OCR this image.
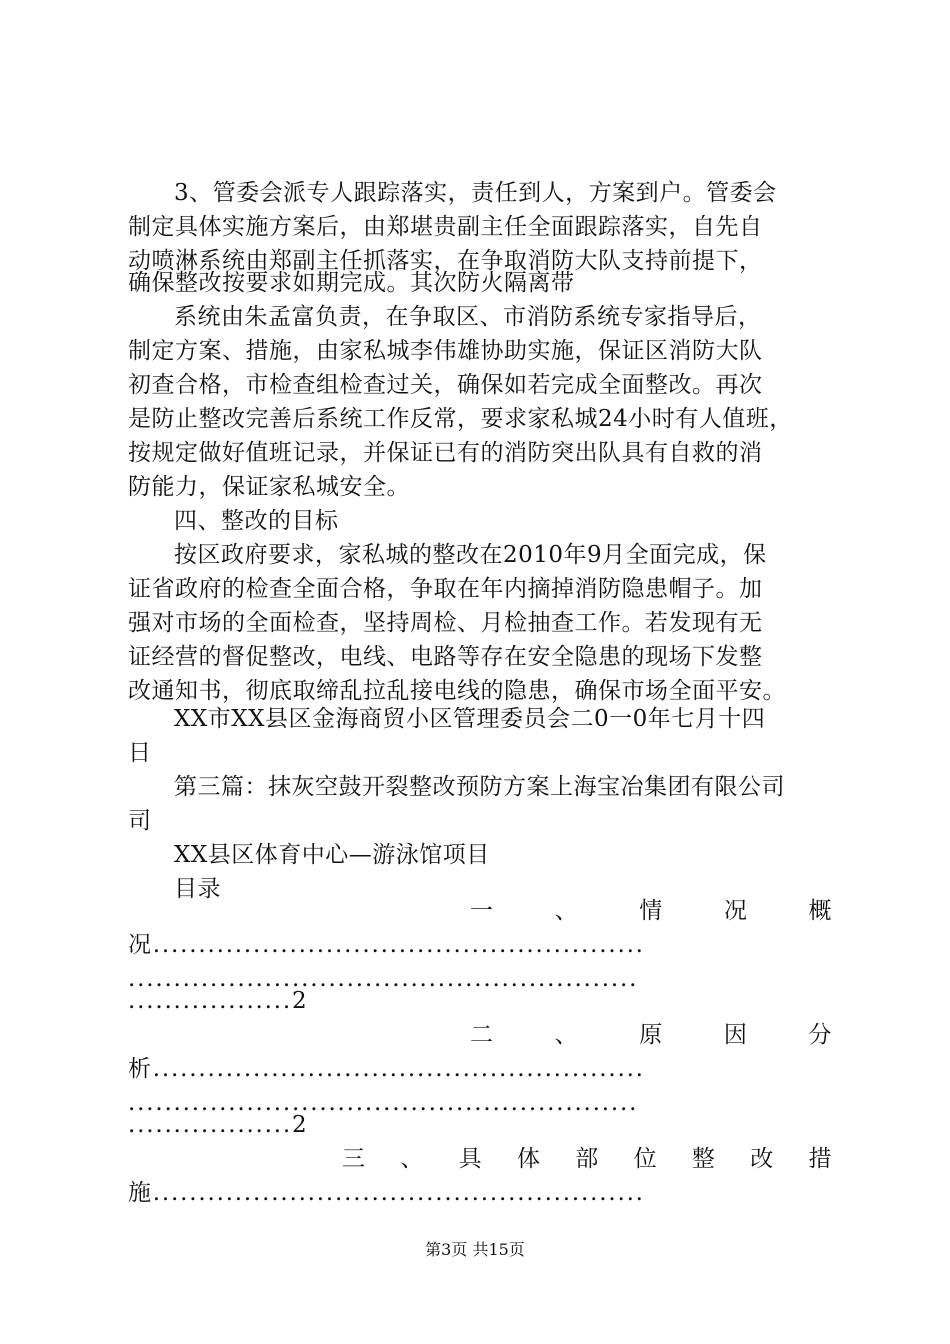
3、管委会派专人跟踪落实，责任到人，方案到户。管委会
制定具体实施方案后，由郑堪贵副主任全面跟踪落实，自先自
动喷淋系统由郑副主任抓落实，在争取消防大队支持前提下，
确保整改按要求如期完成。其次防火隔离带
系统由朱孟富负责，在争取区、市消防系统专家指导后，
制定方案、措施，由家私城李伟雄协助实施，保证区消防大队
初查合格，市检查组检查过关，确保如若完成全面整改。再次
是防止整改完善后系统工作反常，要求家私城24小时有人值班，
按规定做好值班记录，并保证已有的消防突出队具有自救的消
防能力，保证家私城安全。
四、整改的目标
按区政府要求，家私城的整改在2010年9月全面完成，保
证省政府的检查全面合格，争取在年内摘掉消防隐患帽子。加
强对市场的全面检查，坚持周检、月检抽查工作。若发现有无
证经营的督促整改，电线、电路等存在安全隐患的现场下发整
改通知书，彻底取缔乱拉乱接电线的隐患，确保市场全面平安。
XX市XX县区金海商贸小区管理委员会二0一0年七月十四
日
第三篇：抹灰空鼓开裂整改预防方案上海宝冶集团有限公司
司
XX县区体育中心—游泳馆项目
目录
一	、	情	况	概
况......................................................
........................................................
..................2
二	、	原	因	分
析......................................................
........................................................
..................2
三 、 具 体 部 位 整 改 措
施......................................................
第3页 共15页
